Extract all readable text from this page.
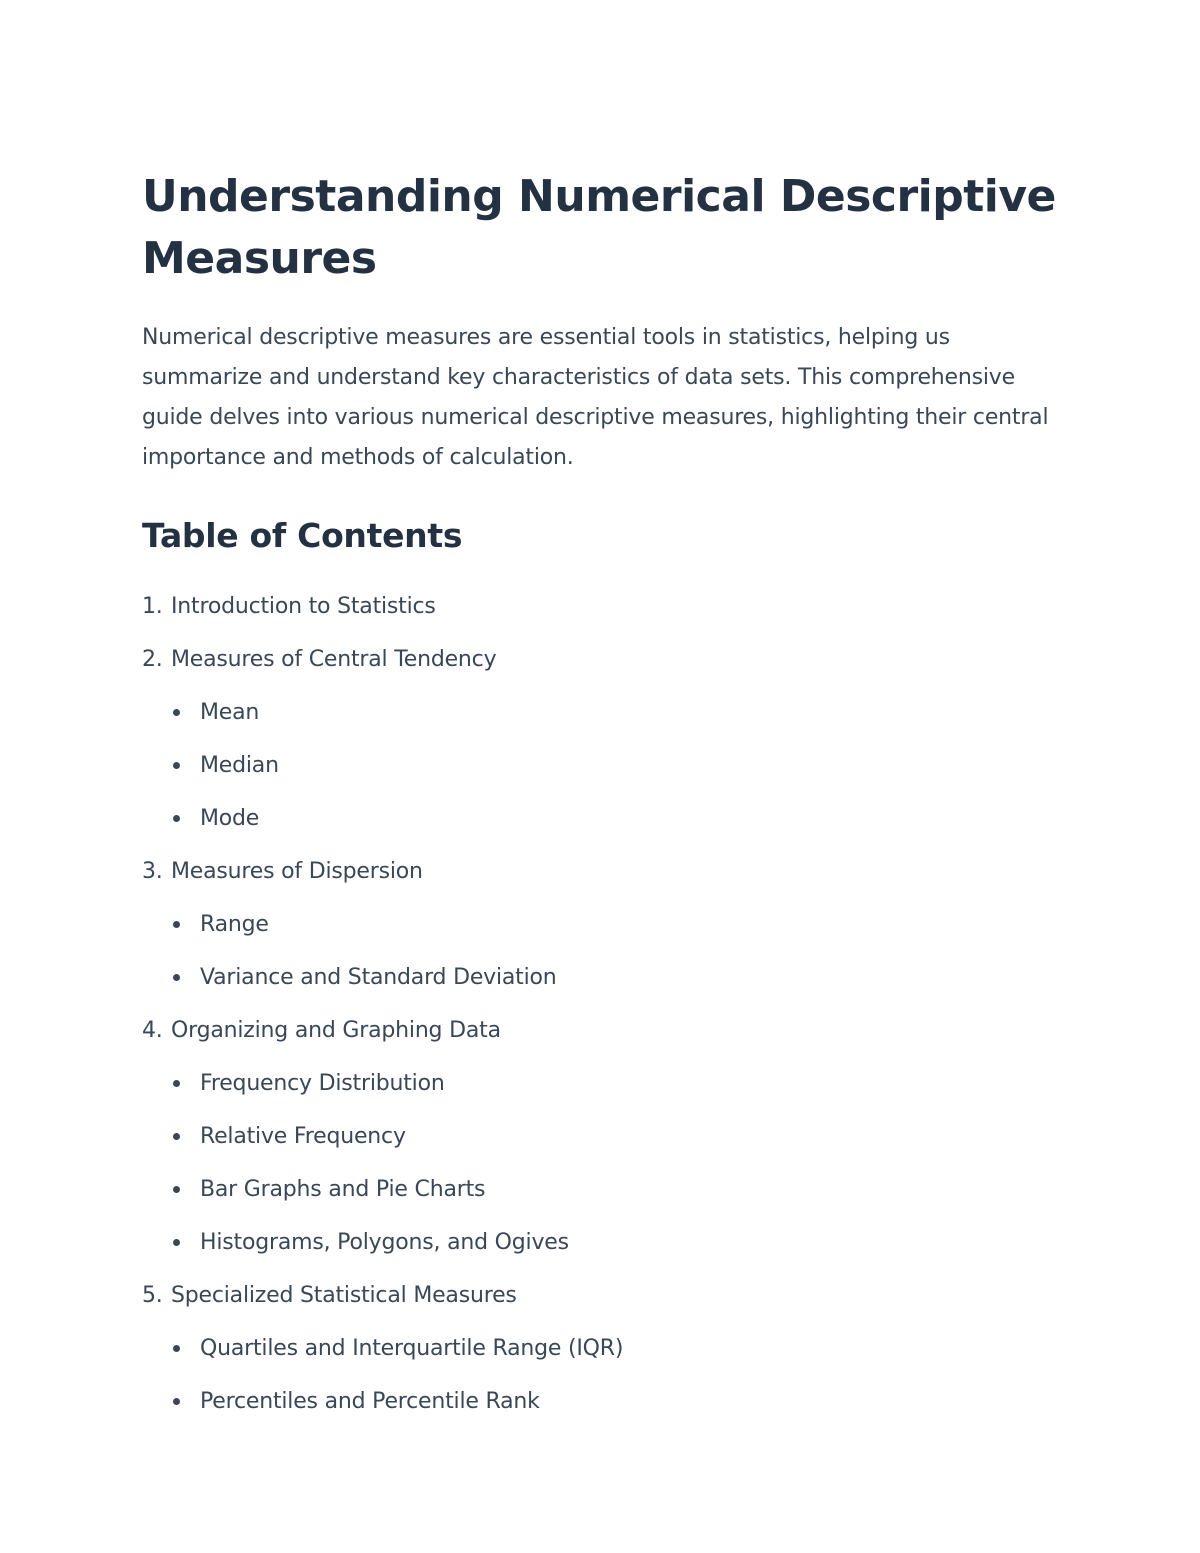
Understanding Numerical Descriptive Measures

Numerical descriptive measures are essential tools in statistics, helping us summarize and understand key characteristics of data sets. This comprehensive guide delves into various numerical descriptive measures, highlighting their central importance and methods of calculation.

Table of Contents
1. Introduction to Statistics
2. Measures of Central Tendency
Mean
Median
Mode
3. Measures of Dispersion
Range
Variance and Standard Deviation
4. Organizing and Graphing Data
Frequency Distribution
Relative Frequency
Bar Graphs and Pie Charts
Histograms, Polygons, and Ogives
5. Specialized Statistical Measures
Quartiles and Interquartile Range (IQR)
Percentiles and Percentile Rank
